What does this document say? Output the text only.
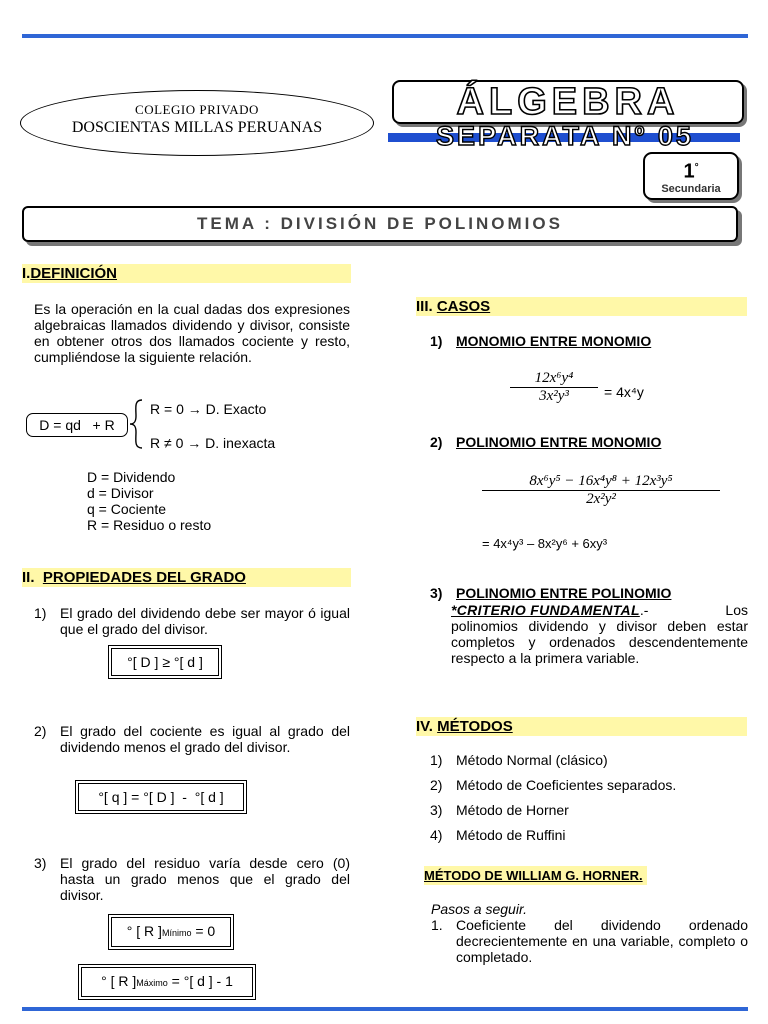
COLEGIO PRIVADO
DOSCIENTAS MILLAS PERUANAS
ÁLGEBRA
SEPARATA Nº 05
1°
Secundaria
TEMA : DIVISIÓN DE POLINOMIOS
I.DEFINICIÓN
Es la operación en la cual dadas dos expresiones algebraicas llamados dividendo y divisor, consiste en obtener otros dos llamados cociente y resto, cumpliéndose la siguiente relación.
D = qd   + R
R = 0 → D. Exacto
R ≠ 0 → D. inexacta
D = Dividendo
d = Divisor
q = Cociente
R = Residuo o resto
II. PROPIEDADES DEL GRADO
1) El grado del dividendo debe ser mayor ó igual que el grado del divisor.
°[ D ] ≥ °[ d ]
2) El grado del cociente es igual al grado del dividendo menos el grado del divisor.
°[ q ] = °[ D ]  -  °[ d ]
3) El grado del residuo varía desde cero (0) hasta un grado menos que el grado del divisor.
° [ R ]Mínimo = 0
° [ R ]Máximo = °[ d ] - 1
III. CASOS
1) MONOMIO ENTRE MONOMIO
$\frac{\text{12x⁶y⁴}}{\text{3x²y³}} = 4x^4y$
2) POLINOMIO ENTRE MONOMIO
$\frac{\text{8x⁶y⁵ − 16x⁴y⁸ + 12x³y⁵}}{\text{2x²y²}}$
= 4x⁴y³ – 8x²y⁶ + 6xy³
3) POLINOMIO ENTRE POLINOMIO
*CRITERIO FUNDAMENTAL.-	Los
polinomios dividendo y divisor deben estar completos y ordenados descendentemente respecto a la primera variable.
IV. MÉTODOS
1) Método Normal (clásico)
2) Método de Coeficientes separados.
3) Método de Horner
4) Método de Ruffini
MÉTODO DE WILLIAM G. HORNER.
Pasos a seguir.
1. Coeficiente del dividendo ordenado decrecientemente en una variable, completo o completado.
